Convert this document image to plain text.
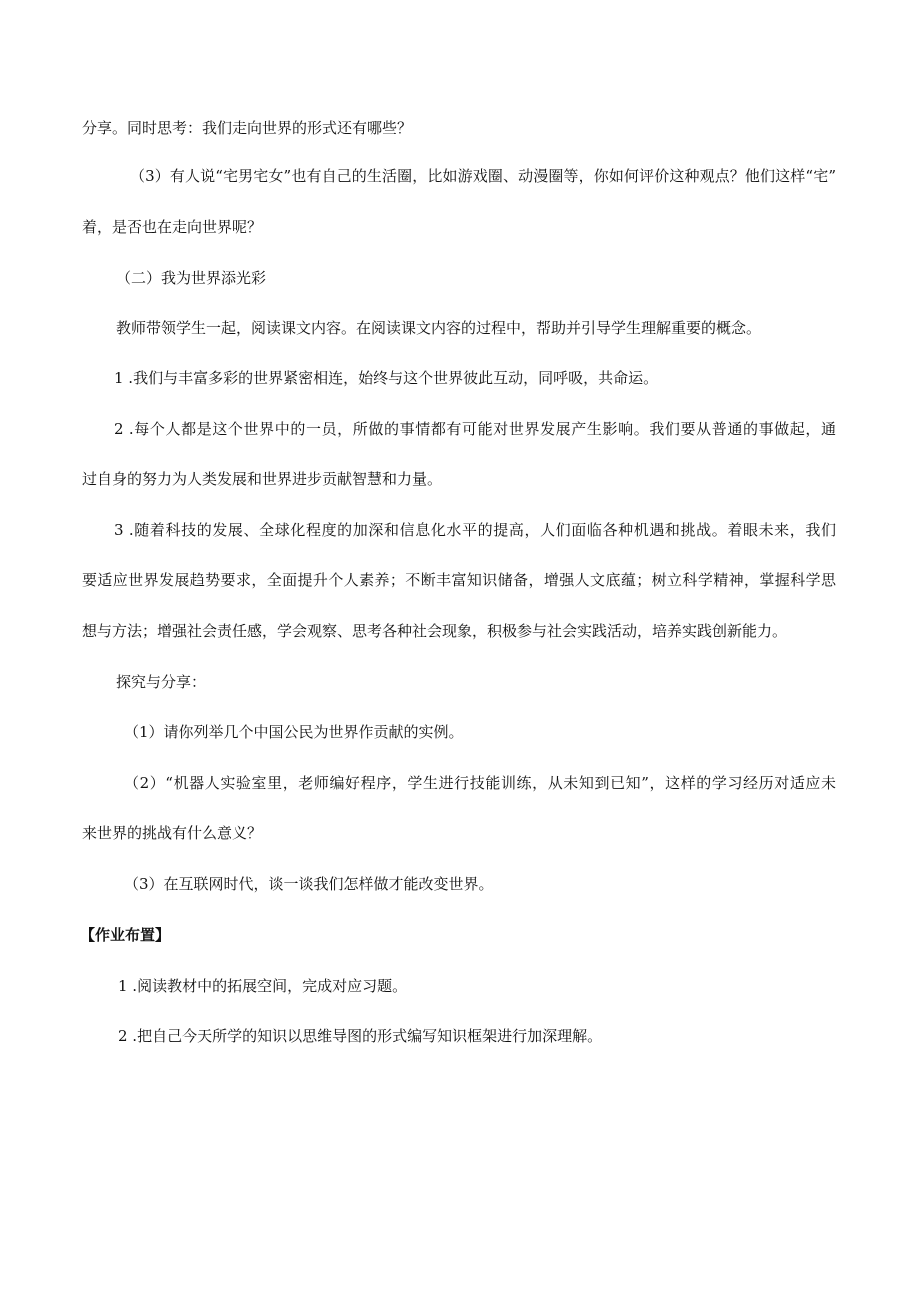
分享。同时思考：我们走向世界的形式还有哪些？
（3）有人说“宅男宅女”也有自己的生活圈，比如游戏圈、动漫圈等，你如何评价这种观点？他们这样“宅”
着，是否也在走向世界呢？
（二）我为世界添光彩
教师带领学生一起，阅读课文内容。在阅读课文内容的过程中，帮助并引导学生理解重要的概念。
1 .我们与丰富多彩的世界紧密相连，始终与这个世界彼此互动，同呼吸，共命运。
2 .每个人都是这个世界中的一员，所做的事情都有可能对世界发展产生影响。我们要从普通的事做起，通
过自身的努力为人类发展和世界进步贡献智慧和力量。
3 .随着科技的发展、全球化程度的加深和信息化水平的提高，人们面临各种机遇和挑战。着眼未来，我们
要适应世界发展趋势要求，全面提升个人素养；不断丰富知识储备，增强人文底蕴；树立科学精神，掌握科学思
想与方法；增强社会责任感，学会观察、思考各种社会现象，积极参与社会实践活动，培养实践创新能力。
探究与分享：
（1）请你列举几个中国公民为世界作贡献的实例。
（2）“机器人实验室里，老师编好程序，学生进行技能训练，从未知到已知”，这样的学习经历对适应未
来世界的挑战有什么意义？
（3）在互联网时代，谈一谈我们怎样做才能改变世界。
【作业布置】
1 .阅读教材中的拓展空间，完成对应习题。
2 .把自己今天所学的知识以思维导图的形式编写知识框架进行加深理解。
